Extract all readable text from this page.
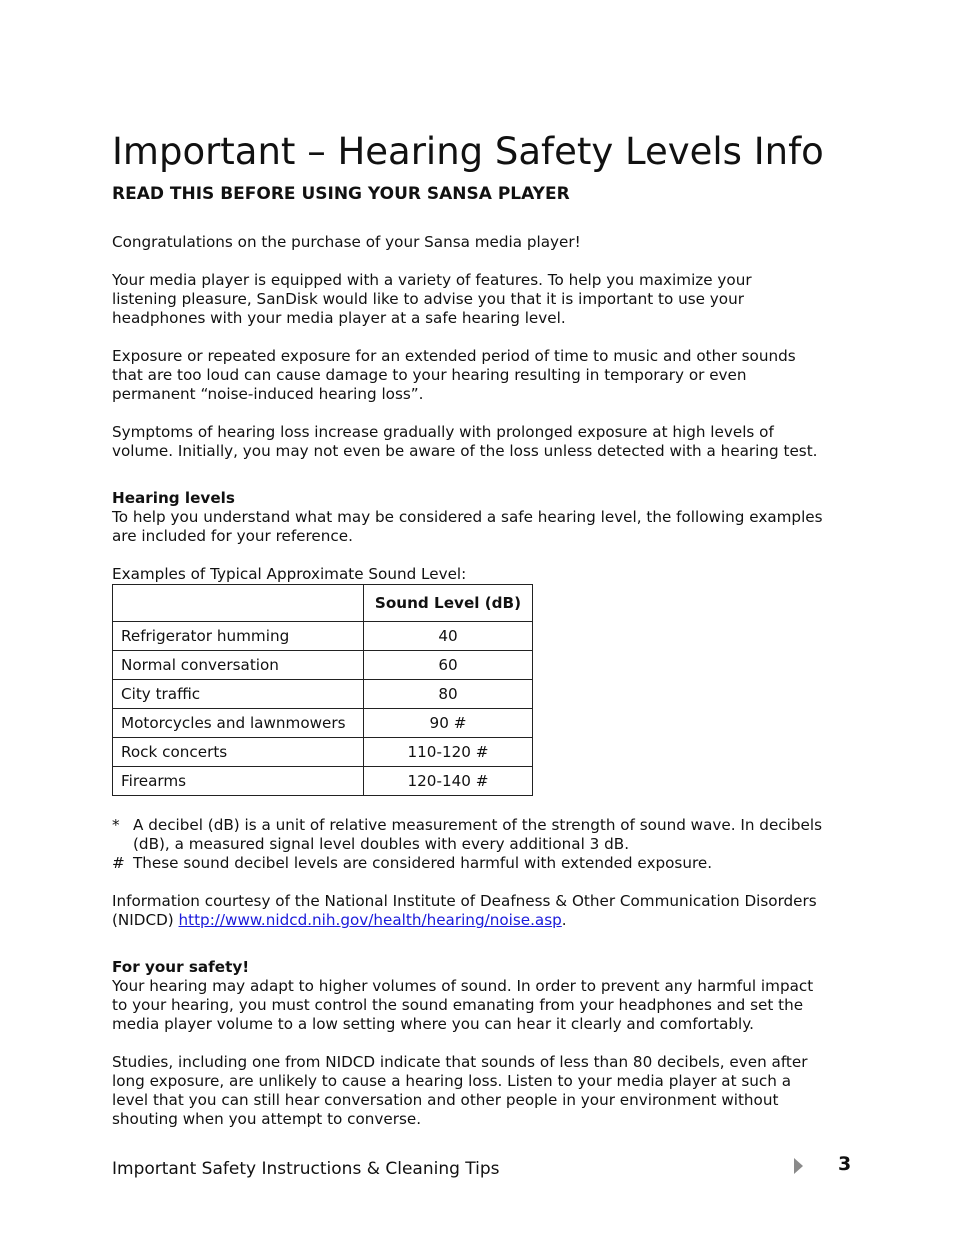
Important – Hearing Safety Levels Info
READ THIS BEFORE USING YOUR SANSA PLAYER

Congratulations on the purchase of your Sansa media player!

Your media player is equipped with a variety of features. To help you maximize your
listening pleasure, SanDisk would like to advise you that it is important to use your
headphones with your media player at a safe hearing level.
Exposure or repeated exposure for an extended period of time to music and other sounds
that are too loud can cause damage to your hearing resulting in temporary or even
permanent “noise-induced hearing loss”.
Symptoms of hearing loss increase gradually with prolonged exposure at high levels of
volume. Initially, you may not even be aware of the loss unless detected with a hearing test.
Hearing levels
To help you understand what may be considered a safe hearing level, the following examples
are included for your reference.

Examples of Typical Approximate Sound Level:

	Sound Level (dB)
Refrigerator humming	40
Normal conversation	60
City traffic	80
Motorcycles and lawnmowers	90 #
Rock concerts	110-120 #
Firearms	120-140 #
* A decibel (dB) is a unit of relative measurement of the strength of sound wave. In decibels (dB), a measured signal level doubles with every additional 3 dB.
# These sound decibel levels are considered harmful with extended exposure.
Information courtesy of the National Institute of Deafness & Other Communication Disorders
(NIDCD) http://www.nidcd.nih.gov/health/hearing/noise.asp.
For your safety!
Your hearing may adapt to higher volumes of sound. In order to prevent any harmful impact
to your hearing, you must control the sound emanating from your headphones and set the
media player volume to a low setting where you can hear it clearly and comfortably.
Studies, including one from NIDCD indicate that sounds of less than 80 decibels, even after
long exposure, are unlikely to cause a hearing loss. Listen to your media player at such a
level that you can still hear conversation and other people in your environment without
shouting when you attempt to converse.
Important Safety Instructions & Cleaning Tips	3
